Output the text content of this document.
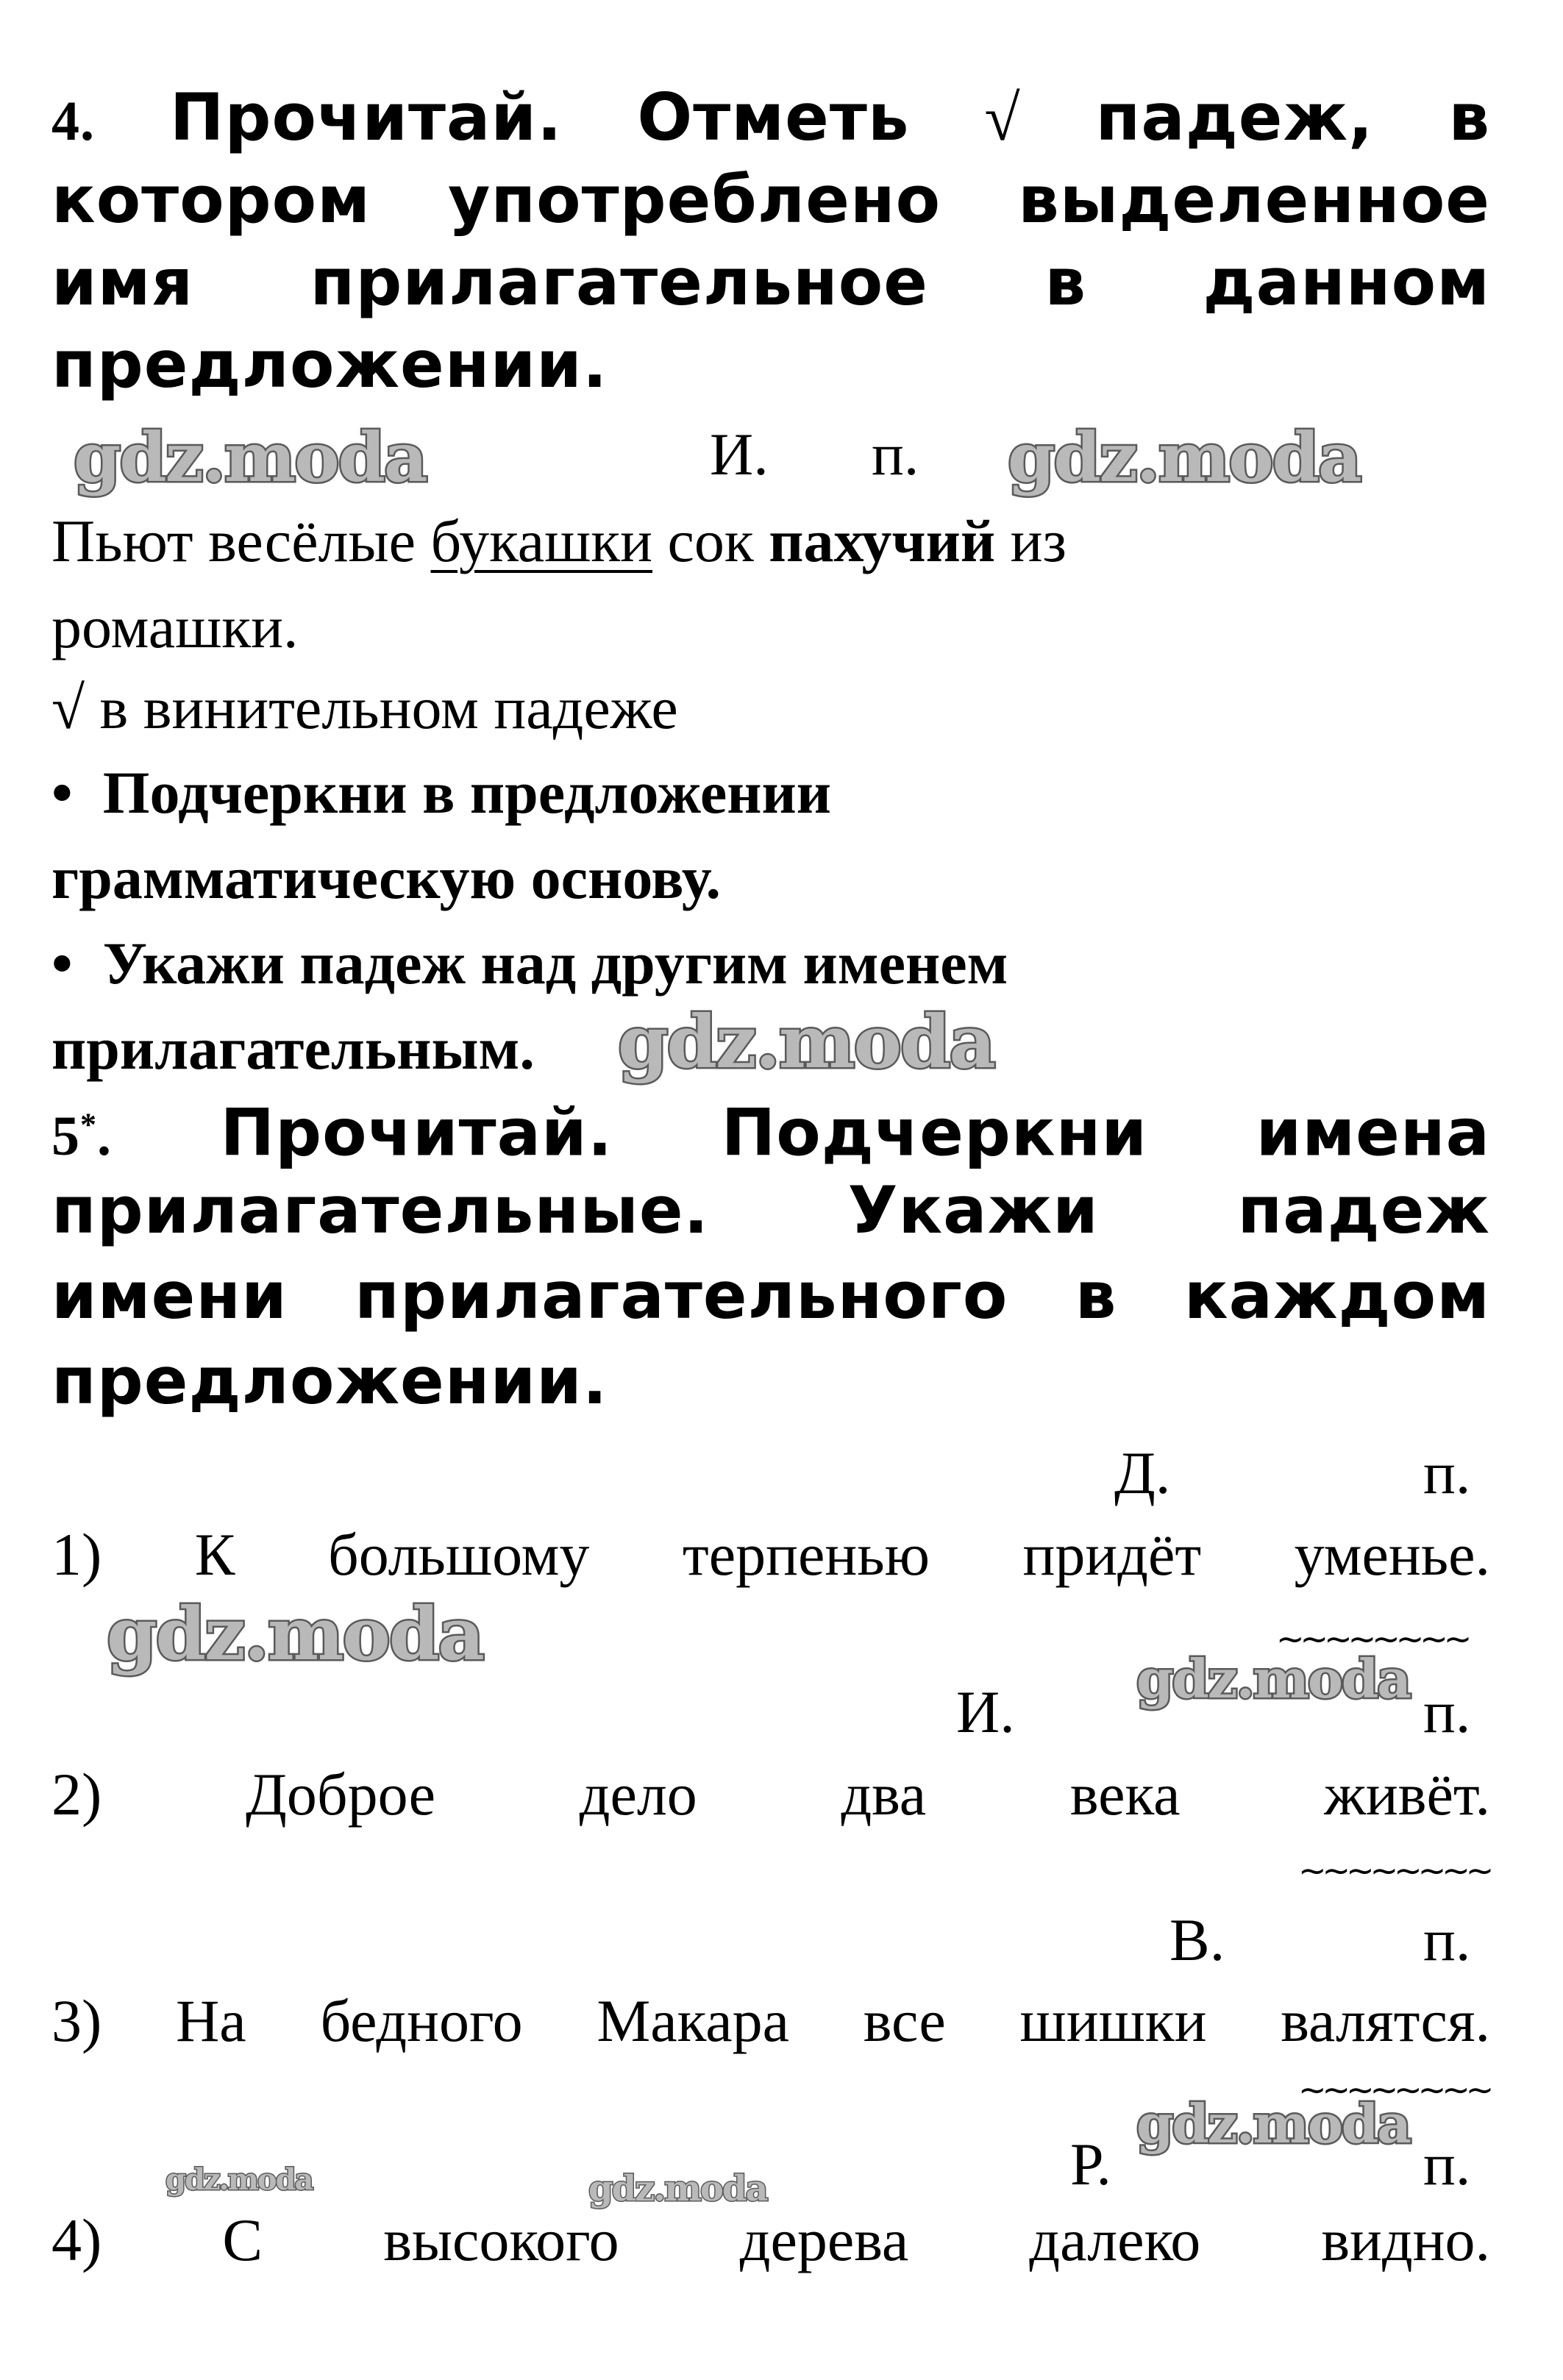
4. Прочитай. Отметь √ падеж, в
котором употреблено выделенное
имя прилагательное в данном
предложении.
gdz.moda	gdz.moda
И. п.
Пьют весёлые букашки сок пахучий из
ромашки.
√ в винительном падеже
• Подчеркни в предложении
грамматическую основу.
• Укажи падеж над другим именем
прилагательным. gdz.moda
5*. Прочитай. Подчеркни имена
прилагательные. Укажи падеж
имени прилагательного в каждом
предложении.
Д.	п.
1) К большому терпенью придёт уменье.
gdz.moda	~~~~~~~~
gdz.moda
И.	п.
2) Доброе дело два века живёт.
~~~~~~~~
В.	п.
3) На бедного Макара все шишки валятся.
~~~~~~~~
gdz.moda
Р.	п.
gdz.moda	gdz.moda
4) С высокого дерева далеко видно.
